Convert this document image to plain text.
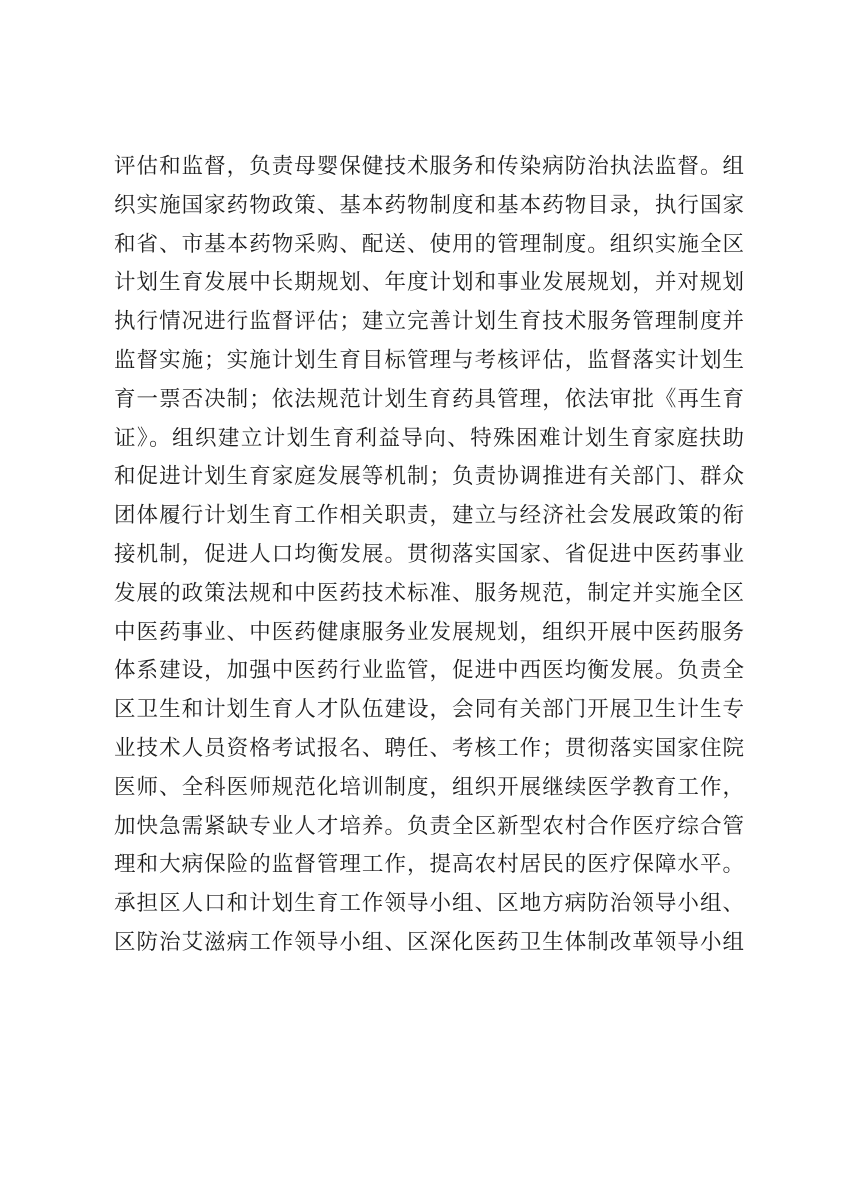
评估和监督，负责母婴保健技术服务和传染病防治执法监督。组
织实施国家药物政策、基本药物制度和基本药物目录，执行国家
和省、市基本药物采购、配送、使用的管理制度。组织实施全区
计划生育发展中长期规划、年度计划和事业发展规划，并对规划
执行情况进行监督评估；建立完善计划生育技术服务管理制度并
监督实施；实施计划生育目标管理与考核评估，监督落实计划生
育一票否决制；依法规范计划生育药具管理，依法审批《再生育
证》。组织建立计划生育利益导向、特殊困难计划生育家庭扶助
和促进计划生育家庭发展等机制；负责协调推进有关部门、群众
团体履行计划生育工作相关职责，建立与经济社会发展政策的衔
接机制，促进人口均衡发展。贯彻落实国家、省促进中医药事业
发展的政策法规和中医药技术标准、服务规范，制定并实施全区
中医药事业、中医药健康服务业发展规划，组织开展中医药服务
体系建设，加强中医药行业监管，促进中西医均衡发展。负责全
区卫生和计划生育人才队伍建设，会同有关部门开展卫生计生专
业技术人员资格考试报名、聘任、考核工作；贯彻落实国家住院
医师、全科医师规范化培训制度，组织开展继续医学教育工作，
加快急需紧缺专业人才培养。负责全区新型农村合作医疗综合管
理和大病保险的监督管理工作，提高农村居民的医疗保障水平。
承担区人口和计划生育工作领导小组、区地方病防治领导小组、
区防治艾滋病工作领导小组、区深化医药卫生体制改革领导小组
